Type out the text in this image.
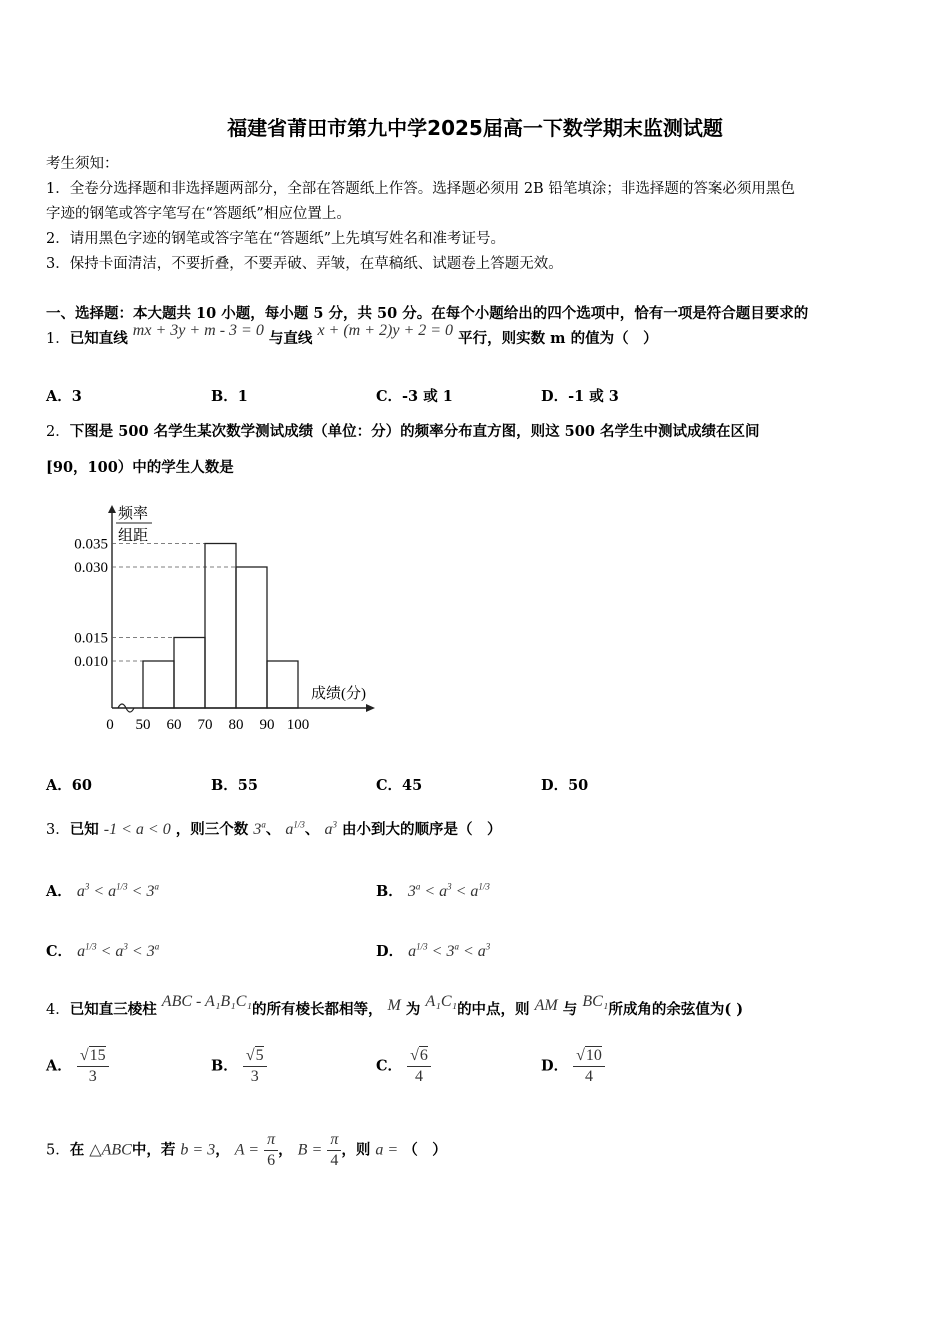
福建省莆田市第九中学2025届高一下数学期末监测试题
考生须知：
1．全卷分选择题和非选择题两部分，全部在答题纸上作答。选择题必须用 2B 铅笔填涂；非选择题的答案必须用黑色
字迹的钢笔或答字笔写在“答题纸”相应位置上。
2．请用黑色字迹的钢笔或答字笔在“答题纸”上先填写姓名和准考证号。
3．保持卡面清洁，不要折叠，不要弄破、弄皱，在草稿纸、试题卷上答题无效。
一、选择题：本大题共 10 小题，每小题 5 分，共 50 分。在每个小题给出的四个选项中，恰有一项是符合题目要求的
1．已知直线 mx + 3y + m - 3 = 0 与直线 x + (m + 2)y + 2 = 0 平行，则实数 m 的值为（　）
A．3	B．1	C．-3 或 1	D．-1 或 3
2．下图是 500 名学生某次数学测试成绩（单位：分）的频率分布直方图，则这 500 名学生中测试成绩在区间
[90，100）中的学生人数是
频率
组距
0.035
0.030
0.015
0.010
0 50 60 70 80 90 100
成绩(分)
A．60	B．55	C．45	D．50
3．已知 -1 < a < 0 ，则三个数 3$^a$、 $a^{1/3}$、 $a^3$ 由小到大的顺序是（　）
A． $a^3 < a^{1/3} < 3^a$	B． $3^a < a^3 < a^{1/3}$
C． $a^{1/3} < a^3 < 3^a$	D． $a^{1/3} < 3^a < a^3$
4．已知直三棱柱 ABC - A₁B₁C₁的所有棱长都相等， M 为 A₁C₁的中点，则 AM 与 BC₁所成角的余弦值为( )
A． $\frac{√15}{3}$	B． $\frac{√5}{3}$	C． $\frac{√6}{4}$	D． $\frac{√10}{4}$
5．在 △ABC中，若 b = 3， $A = \frac{\pi}{6}$ ， $B = \frac{\pi}{4}$ ，则 a = （　）
